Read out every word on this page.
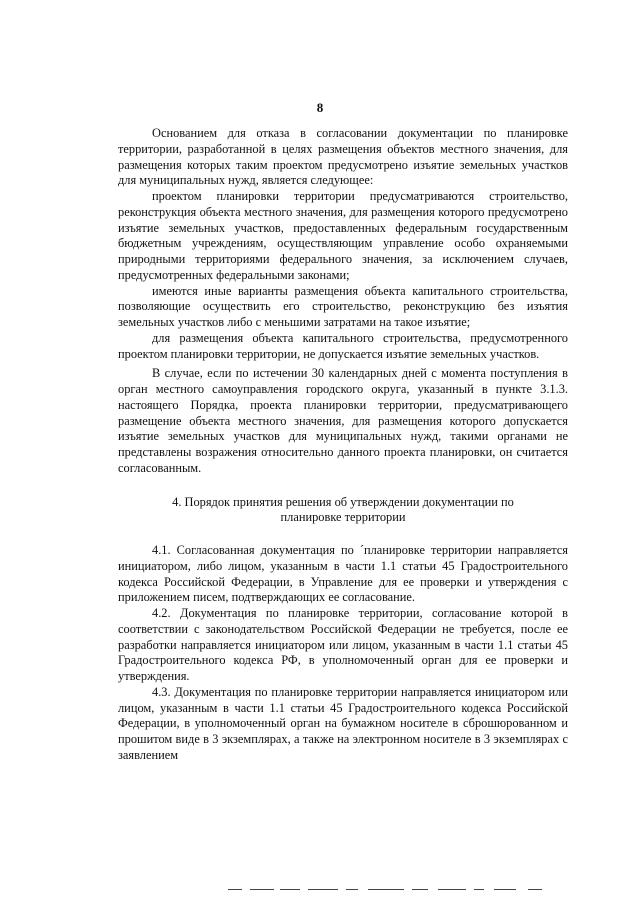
8

Основанием для отказа в согласовании документации по планировке территории, разработанной в целях размещения объектов местного значения, для размещения которых таким проектом предусмотрено изъятие земельных участков для муниципальных нужд, является следующее:

проектом планировки территории предусматриваются строительство, реконструкция объекта местного значения, для размещения которого предусмотрено изъятие земельных участков, предоставленных федеральным государственным бюджетным учреждениям, осуществляющим управление особо охраняемыми природными территориями федерального значения, за исключением случаев, предусмотренных федеральными законами;

имеются иные варианты размещения объекта капитального строительства, позволяющие осуществить его строительство, реконструкцию без изъятия земельных участков либо с меньшими затратами на такое изъятие;

для размещения объекта капитального строительства, предусмотренного проектом планировки территории, не допускается изъятие земельных участков.

В случае, если по истечении 30 календарных дней с момента поступления в орган местного самоуправления городского округа, указанный в пункте 3.1.3. настоящего Порядка, проекта планировки территории, предусматривающего размещение объекта местного значения, для размещения которого допускается изъятие земельных участков для муниципальных нужд, такими органами не представлены возражения относительно данного проекта планировки, он считается согласованным.

4. Порядок принятия решения об утверждении документации по планировке территории

4.1. Согласованная документация по ´планировке территории направляется инициатором, либо лицом, указанным в части 1.1 статьи 45 Градостроительного кодекса Российской Федерации, в Управление для ее проверки и утверждения с приложением писем, подтверждающих ее согласование.

4.2. Документация по планировке территории, согласование которой в соответствии с законодательством Российской Федерации не требуется, после ее разработки направляется инициатором или лицом, указанным в части 1.1 статьи 45 Градостроительного кодекса РФ, в уполномоченный орган для ее проверки и утверждения.

4.3. Документация по планировке территории направляется инициатором или лицом, указанным в части 1.1 статьи 45 Градостроительного кодекса Российской Федерации, в уполномоченный орган на бумажном носителе в сброшюрованном и прошитом виде в 3 экземплярах, а также на электронном носителе в 3 экземплярах с заявлением
